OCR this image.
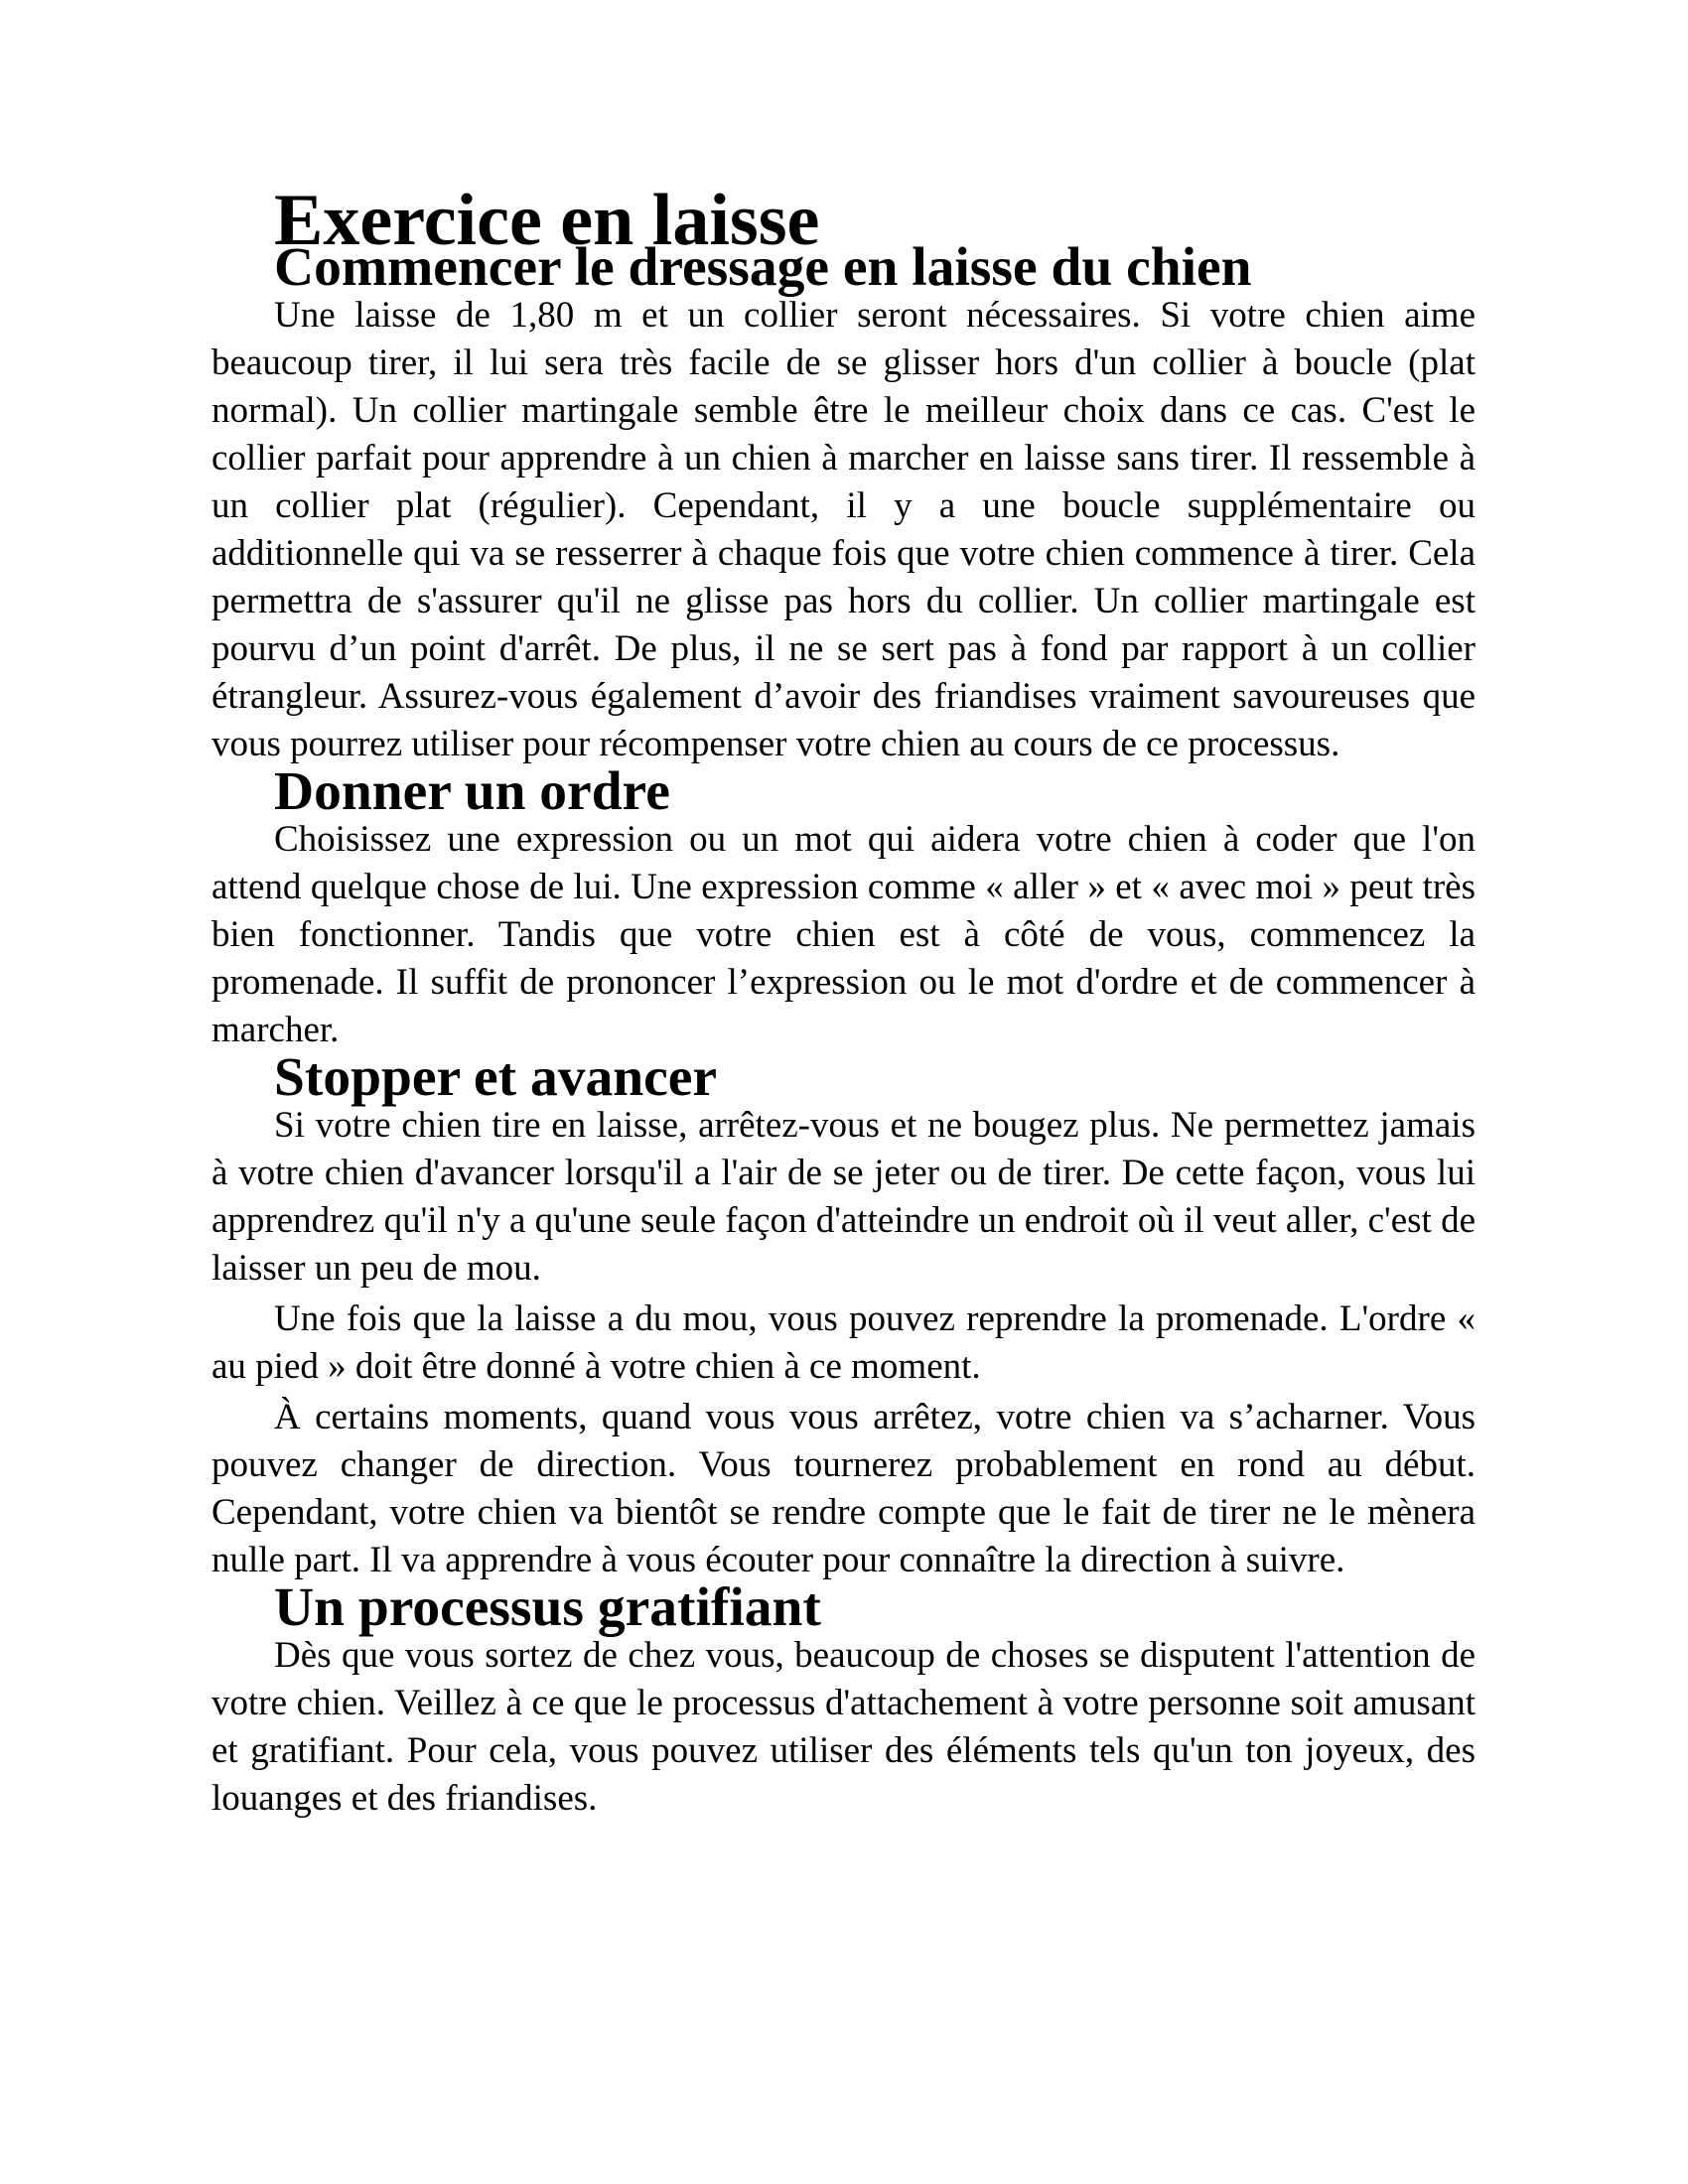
Exercice en laisse
Commencer le dressage en laisse du chien

Une laisse de 1,80 m et un collier seront nécessaires. Si votre chien aime beaucoup tirer, il lui sera très facile de se glisser hors d'un collier à boucle (plat normal). Un collier martingale semble être le meilleur choix dans ce cas. C'est le collier parfait pour apprendre à un chien à marcher en laisse sans tirer. Il ressemble à un collier plat (régulier). Cependant, il y a une boucle supplémentaire ou additionnelle qui va se resserrer à chaque fois que votre chien commence à tirer. Cela permettra de s'assurer qu'il ne glisse pas hors du collier. Un collier martingale est pourvu d’un point d'arrêt. De plus, il ne se sert pas à fond par rapport à un collier étrangleur. Assurez-vous également d’avoir des friandises vraiment savoureuses que vous pourrez utiliser pour récompenser votre chien au cours de ce processus.

Donner un ordre

Choisissez une expression ou un mot qui aidera votre chien à coder que l'on attend quelque chose de lui. Une expression comme « aller » et « avec moi » peut très bien fonctionner. Tandis que votre chien est à côté de vous, commencez la promenade. Il suffit de prononcer l’expression ou le mot d'ordre et de commencer à marcher.

Stopper et avancer

Si votre chien tire en laisse, arrêtez-vous et ne bougez plus. Ne permettez jamais à votre chien d'avancer lorsqu'il a l'air de se jeter ou de tirer. De cette façon, vous lui apprendrez qu'il n'y a qu'une seule façon d'atteindre un endroit où il veut aller, c'est de laisser un peu de mou.

Une fois que la laisse a du mou, vous pouvez reprendre la promenade. L'ordre « au pied » doit être donné à votre chien à ce moment.

À certains moments, quand vous vous arrêtez, votre chien va s’acharner. Vous pouvez changer de direction. Vous tournerez probablement en rond au début. Cependant, votre chien va bientôt se rendre compte que le fait de tirer ne le mènera nulle part. Il va apprendre à vous écouter pour connaître la direction à suivre.

Un processus gratifiant

Dès que vous sortez de chez vous, beaucoup de choses se disputent l'attention de votre chien. Veillez à ce que le processus d'attachement à votre personne soit amusant et gratifiant. Pour cela, vous pouvez utiliser des éléments tels qu'un ton joyeux, des louanges et des friandises.
